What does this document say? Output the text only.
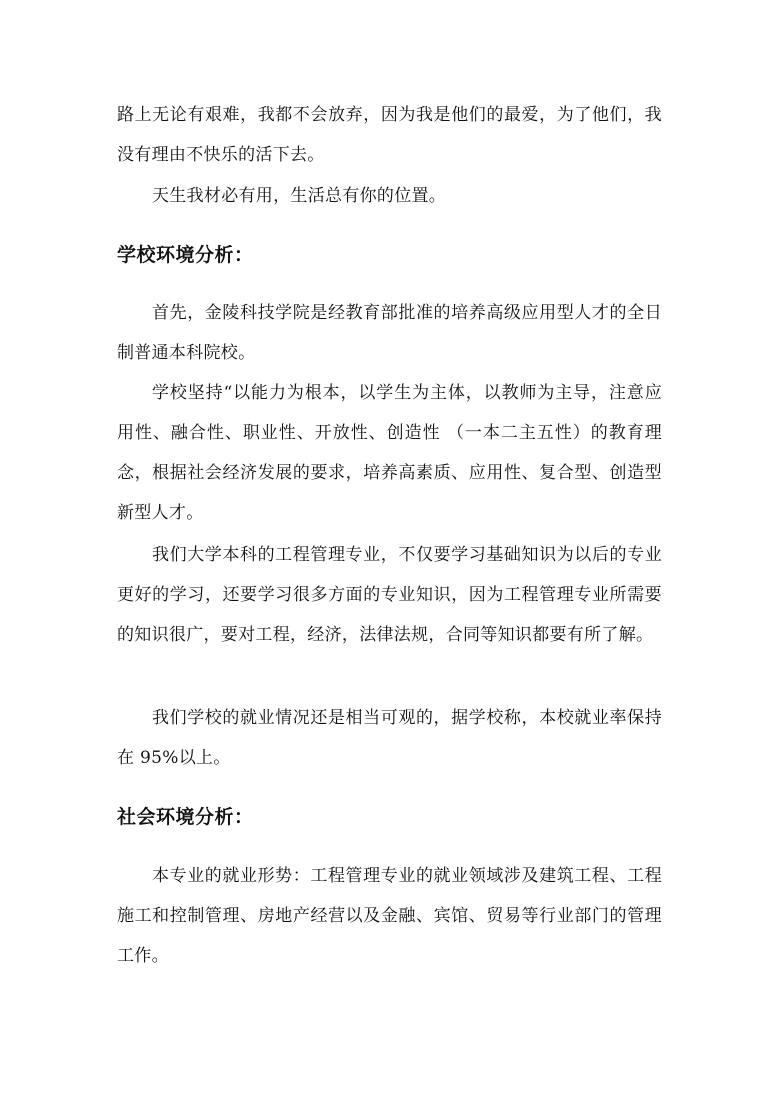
路上无论有艰难，我都不会放弃，因为我是他们的最爱，为了他们，我没有理由不快乐的活下去。

天生我材必有用，生活总有你的位置。

学校环境分析：

首先，金陵科技学院是经教育部批准的培养高级应用型人才的全日制普通本科院校。

学校坚持“以能力为根本，以学生为主体，以教师为主导，注意应用性、融合性、职业性、开放性、创造性 （一本二主五性）的教育理念，根据社会经济发展的要求，培养高素质、应用性、复合型、创造型新型人才。

我们大学本科的工程管理专业，不仅要学习基础知识为以后的专业更好的学习，还要学习很多方面的专业知识，因为工程管理专业所需要的知识很广，要对工程，经济，法律法规，合同等知识都要有所了解。

我们学校的就业情况还是相当可观的，据学校称，本校就业率保持在 95%以上。

社会环境分析：

本专业的就业形势：工程管理专业的就业领域涉及建筑工程、工程施工和控制管理、房地产经营以及金融、宾馆、贸易等行业部门的管理工作。
